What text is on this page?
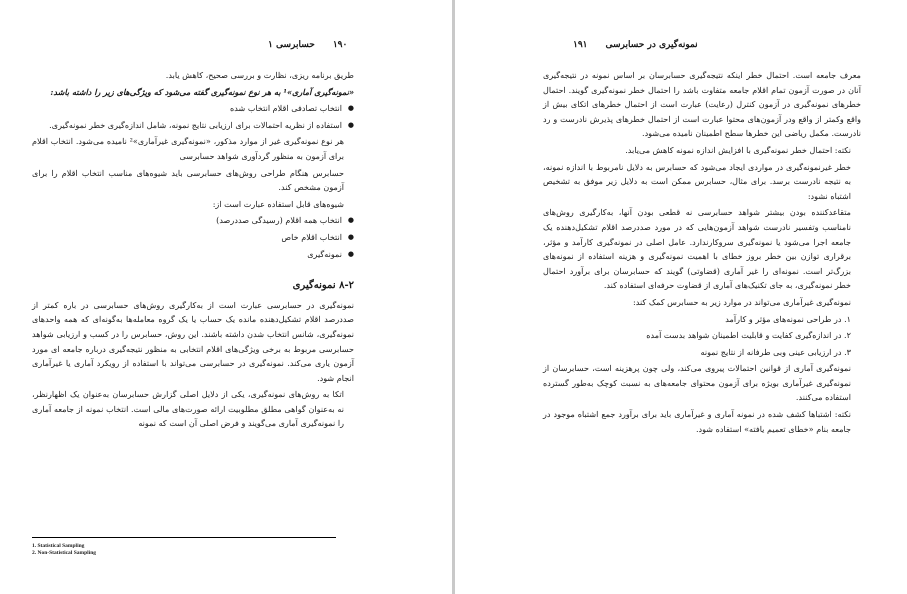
۱۹۰
حسابرسی ۱

طریق برنامه ریزی، نظارت و بررسی صحیح، کاهش یابد.

«نمونه‌گیری آماری»¹ به هر نوع نمونه‌گیری گفته می‌شود که ویژگی‌های زیر را داشته باشد:

● انتخاب تصادفی اقلام انتخاب شده
● استفاده از نظریه احتمالات برای ارزیابی نتایج نمونه، شامل اندازه‌گیری خطر نمونه‌گیری.

هر نوع نمونه‌گیری غیر از موارد مذکور، «نمونه‌گیری غیرآماری»² نامیده می‌شود. انتخاب اقلام برای آزمون به منظور گردآوری شواهد حسابرسی

حسابرس هنگام طراحی روش‌های حسابرسی باید شیوه‌های مناسب انتخاب اقلام را برای آزمون مشخص کند.

شیوه‌های قابل استفاده عبارت است از:

● انتخاب همه اقلام (رسیدگی صددرصد)
● انتخاب اقلام خاص
● نمونه‌گیری
۸-۲ نمونه‌گیری

نمونه‌گیری در حسابرسی عبارت است از به‌کارگیری روش‌های حسابرسی در باره کمتر از صددرصد اقلام تشکیل‌دهنده مانده یک حساب یا یک گروه معامله‌ها به‌گونه‌ای که همه واحدهای نمونه‌گیری، شانس انتخاب شدن داشته باشند. این روش، حسابرس را در کسب و ارزیابی شواهد حسابرسی مربوط به برخی ویژگی‌های اقلام انتخابی به منظور نتیجه‌گیری درباره جامعه ای مورد آزمون یاری می‌کند. نمونه‌گیری در حسابرسی می‌تواند با استفاده از رویکرد آماری یا غیرآماری انجام شود.

اتکا به روش‌های نمونه‌گیری، یکی از دلایل اصلی گزارش حسابرسان به‌عنوان یک اظهارنظر، نه به‌عنوان گواهی مطلق مطلوبیت ارائه صورت‌های مالی است. انتخاب نمونه از جامعه آماری را نمونه‌گیری آماری می‌گویند و فرض اصلی آن است که نمونه

1. Statistical Sampling
2. Non-Statistical Sampling
نمونه‌گیری در حسابرسی
۱۹۱

معرف جامعه است. احتمال خطر اینکه نتیجه‌گیری حسابرسان بر اساس نمونه در نتیجه‌گیری آنان در صورت آزمون تمام اقلام جامعه متفاوت باشد را احتمال خطر نمونه‌گیری گویند. احتمال خطرهای نمونه‌گیری در آزمون کنترل (رعایت) عبارت است از احتمال خطرهای اتکای بیش از واقع وکمتر از واقع ودر آزمون‌های محتوا عبارت است از احتمال خطرهای پذیرش نادرست و رد نادرست. مکمل ریاضی این خطرها سطح اطمینان نامیده می‌شود.

نکته: احتمال خطر نمونه‌گیری با افزایش اندازه نمونه کاهش می‌یابد.

خطر غیرنمونه‌گیری در مواردی ایجاد می‌شود که حسابرس به دلایل نامربوط با اندازه نمونه، به نتیجه نادرست برسد. برای مثال، حسابرس ممکن است به دلایل زیر موفق به تشخیص اشتباه نشود:

متقاعدکننده بودن بیشتر شواهد حسابرسی نه قطعی بودن آنها، به‌کارگیری روش‌های نامناسب وتفسیر نادرست شواهد آزمون‌هایی که در مورد صددرصد اقلام تشکیل‌دهنده یک جامعه اجرا می‌شود یا نمونه‌گیری سروکارندارد. عامل اصلی در نمونه‌گیری کارآمد و مؤثر، برقراری توازن بین خطر بروز خطای با اهمیت نمونه‌گیری و هزینه استفاده از نمونه‌های بزرگ‌تر است. نمونه‌ای را غیر آماری (قضاوتی) گویند که حسابرسان برای برآورد احتمال خطر نمونه‌گیری، به جای تکنیک‌های آماری از قضاوت حرفه‌ای استفاده کند.

نمونه‌گیری غیرآماری می‌تواند در موارد زیر به حسابرس کمک کند:

۱. در طراحی نمونه‌های مؤثر و کارآمد

۲. در اندازه‌گیری کفایت و قابلیت اطمینان شواهد بدست آمده

۳. در ارزیابی عینی وبی طرفانه از نتایج نمونه

نمونه‌گیری آماری از قوانین احتمالات پیروی می‌کند، ولی چون پرهزینه است، حسابرسان از نمونه‌گیری غیرآماری بویژه برای آزمون محتوای جامعه‌های به نسبت کوچک به‌طور گسترده استفاده می‌کنند.

نکته: اشتباها کشف شده در نمونه آماری و غیرآماری باید برای برآورد جمع اشتباه موجود در جامعه بنام «خطای تعمیم یافته» استفاده شود.
